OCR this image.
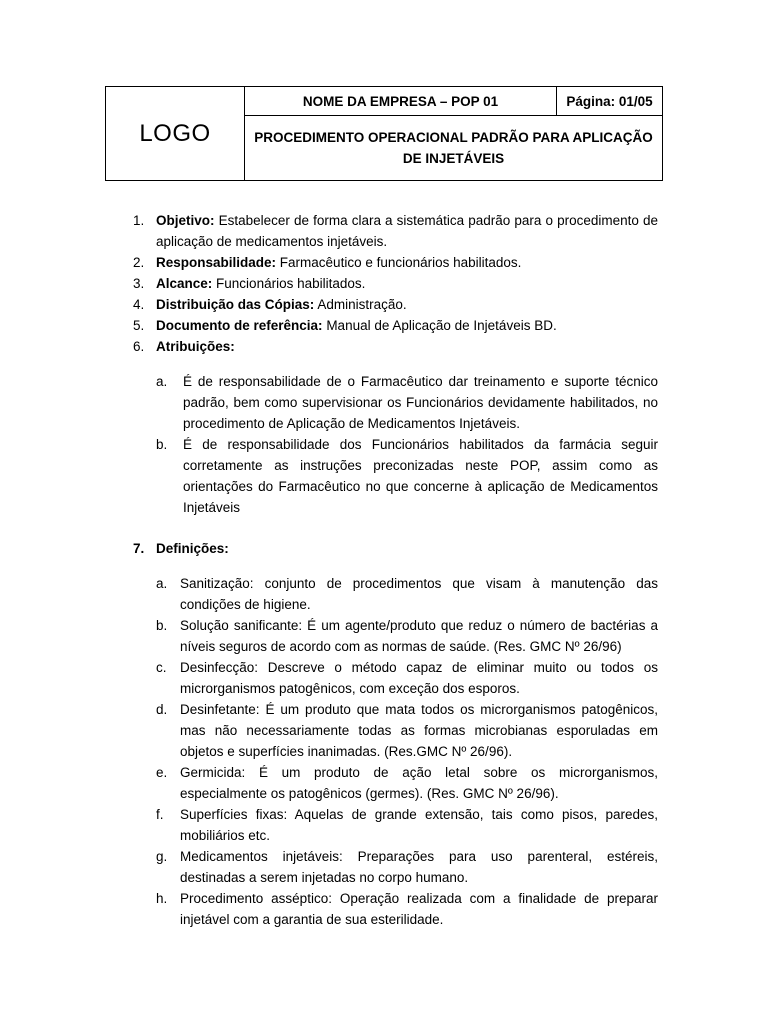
LOGO	NOME DA EMPRESA – POP 01	Página: 01/05
PROCEDIMENTO OPERACIONAL PADRÃO PARA APLICAÇÃO
DE INJETÁVEIS
1. Objetivo: Estabelecer de forma clara a sistemática padrão para o procedimento de aplicação de medicamentos injetáveis.
2. Responsabilidade: Farmacêutico e funcionários habilitados.
3. Alcance: Funcionários habilitados.
4. Distribuição das Cópias: Administração.
5. Documento de referência: Manual de Aplicação de Injetáveis BD.
6. Atribuições:
a. É de responsabilidade de o Farmacêutico dar treinamento e suporte técnico padrão, bem como supervisionar os Funcionários devidamente habilitados, no procedimento de Aplicação de Medicamentos Injetáveis.
b. É de responsabilidade dos Funcionários habilitados da farmácia seguir corretamente as instruções preconizadas neste POP, assim como as orientações do Farmacêutico no que concerne à aplicação de Medicamentos Injetáveis
7. Definições:
a. Sanitização: conjunto de procedimentos que visam à manutenção das condições de higiene.
b. Solução sanificante: É um agente/produto que reduz o número de bactérias a níveis seguros de acordo com as normas de saúde. (Res. GMC Nº 26/96)
c. Desinfecção: Descreve o método capaz de eliminar muito ou todos os microrganismos patogênicos, com exceção dos esporos.
d. Desinfetante: É um produto que mata todos os microrganismos patogênicos, mas não necessariamente todas as formas microbianas esporuladas em objetos e superfícies inanimadas. (Res.GMC Nº 26/96).
e. Germicida: É um produto de ação letal sobre os microrganismos, especialmente os patogênicos (germes). (Res. GMC Nº 26/96).
f. Superfícies fixas: Aquelas de grande extensão, tais como pisos, paredes, mobiliários etc.
g. Medicamentos injetáveis: Preparações para uso parenteral, estéreis, destinadas a serem injetadas no corpo humano.
h. Procedimento asséptico: Operação realizada com a finalidade de preparar injetável com a garantia de sua esterilidade.
